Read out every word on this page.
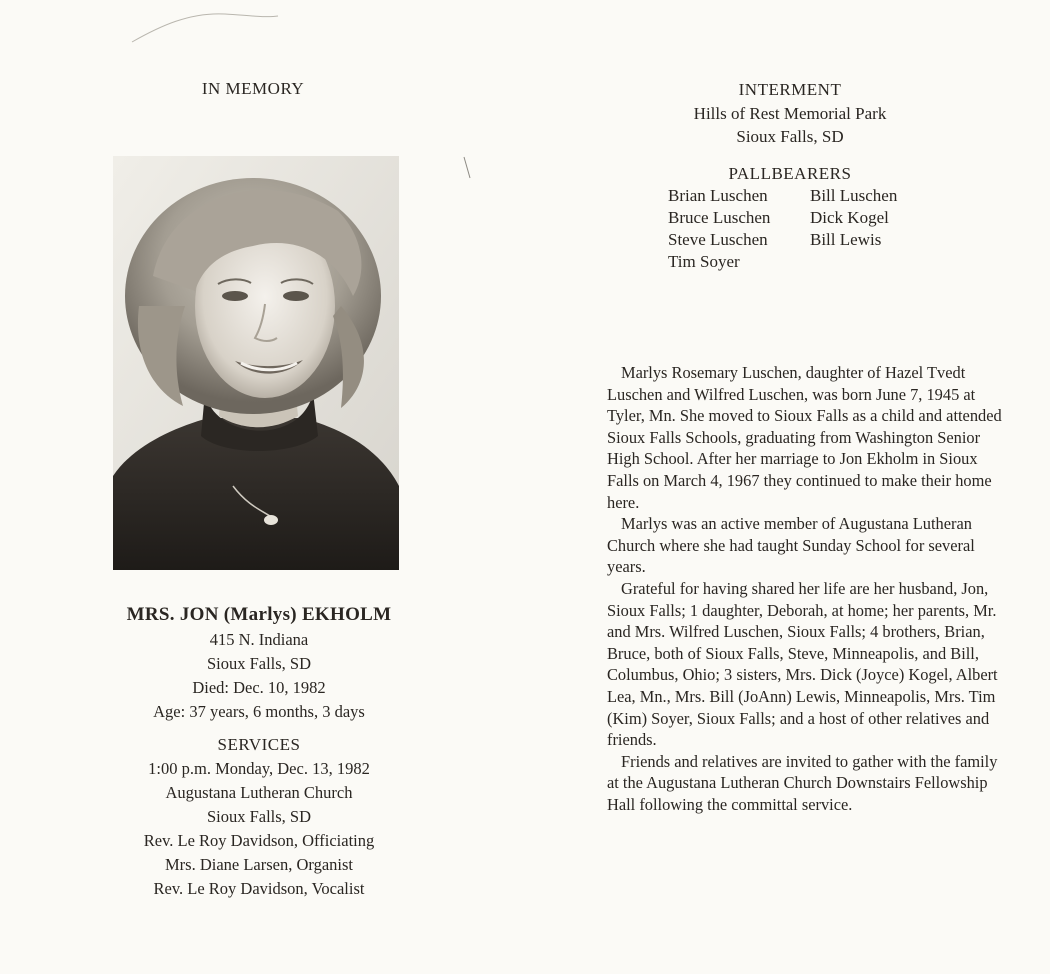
IN MEMORY
MRS. JON (Marlys) EKHOLM
415 N. Indiana
Sioux Falls, SD
Died: Dec. 10, 1982
Age: 37 years, 6 months, 3 days
SERVICES
1:00 p.m. Monday, Dec. 13, 1982
Augustana Lutheran Church
Sioux Falls, SD
Rev. Le Roy Davidson, Officiating
Mrs. Diane Larsen, Organist
Rev. Le Roy Davidson, Vocalist
INTERMENT
Hills of Rest Memorial Park
Sioux Falls, SD
PALLBEARERS
Brian Luschen	Bill Luschen
Bruce Luschen	Dick Kogel
Steve Luschen	Bill Lewis
Tim Soyer

Marlys Rosemary Luschen, daughter of Hazel Tvedt Luschen and Wilfred Luschen, was born June 7, 1945 at Tyler, Mn. She moved to Sioux Falls as a child and attended Sioux Falls Schools, graduating from Washington Senior High School. After her marriage to Jon Ekholm in Sioux Falls on March 4, 1967 they continued to make their home here.

Marlys was an active member of Augustana Lutheran Church where she had taught Sunday School for several years.

Grateful for having shared her life are her husband, Jon, Sioux Falls; 1 daughter, Deborah, at home; her parents, Mr. and Mrs. Wilfred Luschen, Sioux Falls; 4 brothers, Brian, Bruce, both of Sioux Falls, Steve, Minneapolis, and Bill, Columbus, Ohio; 3 sisters, Mrs. Dick (Joyce) Kogel, Albert Lea, Mn., Mrs. Bill (JoAnn) Lewis, Minneapolis, Mrs. Tim (Kim) Soyer, Sioux Falls; and a host of other relatives and friends.

Friends and relatives are invited to gather with the family at the Augustana Lutheran Church Downstairs Fellowship Hall following the committal service.
